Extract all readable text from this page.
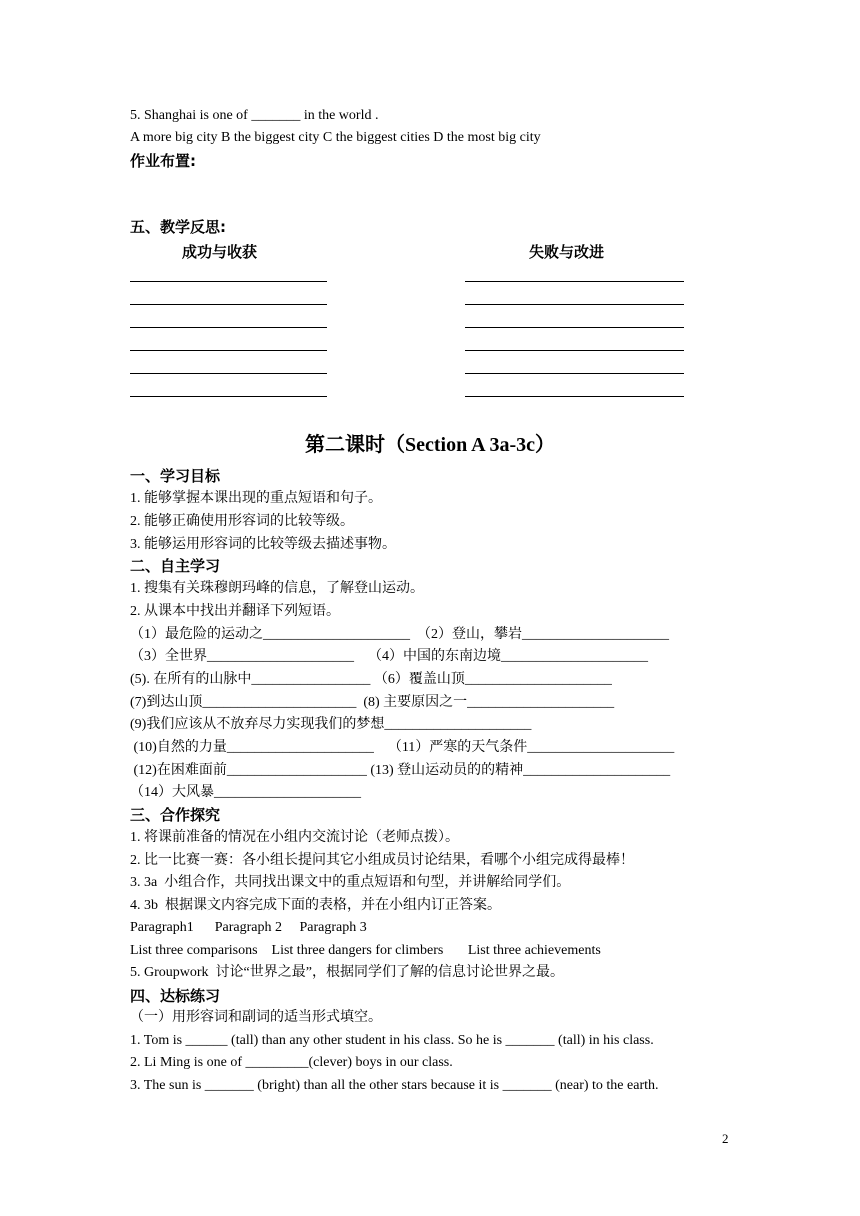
5. Shanghai is one of _______ in the world .
A more big city B the biggest city C the biggest cities D the most big city
作业布置:
五、教学反思:
成功与收获	失败与改进
第二课时（Section A 3a-3c）
一、学习目标
1. 能够掌握本课出现的重点短语和句子。
2. 能够正确使用形容词的比较等级。
3. 能够运用形容词的比较等级去描述事物。
二、自主学习
1. 搜集有关珠穆朗玛峰的信息，了解登山运动。
2. 从课本中找出并翻译下列短语。
（1）最危险的运动之_____________________  （2）登山，攀岩_____________________
（3）全世界_____________________    （4）中国的东南边境_____________________
(5). 在所有的山脉中_________________ （6）覆盖山顶_____________________
(7)到达山顶______________________  (8) 主要原因之一_____________________
(9)我们应该从不放弃尽力实现我们的梦想_____________________
(10)自然的力量_____________________    （11）严寒的天气条件_____________________
(12)在困难面前____________________ (13) 登山运动员的的精神_____________________
（14）大风暴_____________________
三、合作探究
1. 将课前准备的情况在小组内交流讨论（老师点拨）。
2. 比一比赛一赛：各小组长提问其它小组成员讨论结果，看哪个小组完成得最棒！
3. 3a  小组合作，共同找出课文中的重点短语和句型，并讲解给同学们。
4. 3b  根据课文内容完成下面的表格，并在小组内订正答案。
Paragraph1      Paragraph 2     Paragraph 3
List three comparisons    List three dangers for climbers       List three achievements
5. Groupwork  讨论“世界之最”，根据同学们了解的信息讨论世界之最。
四、达标练习
（一）用形容词和副词的适当形式填空。
1. Tom is ______ (tall) than any other student in his class. So he is _______ (tall) in his class.
2. Li Ming is one of _________(clever) boys in our class.
3. The sun is _______ (bright) than all the other stars because it is _______ (near) to the earth.
2
